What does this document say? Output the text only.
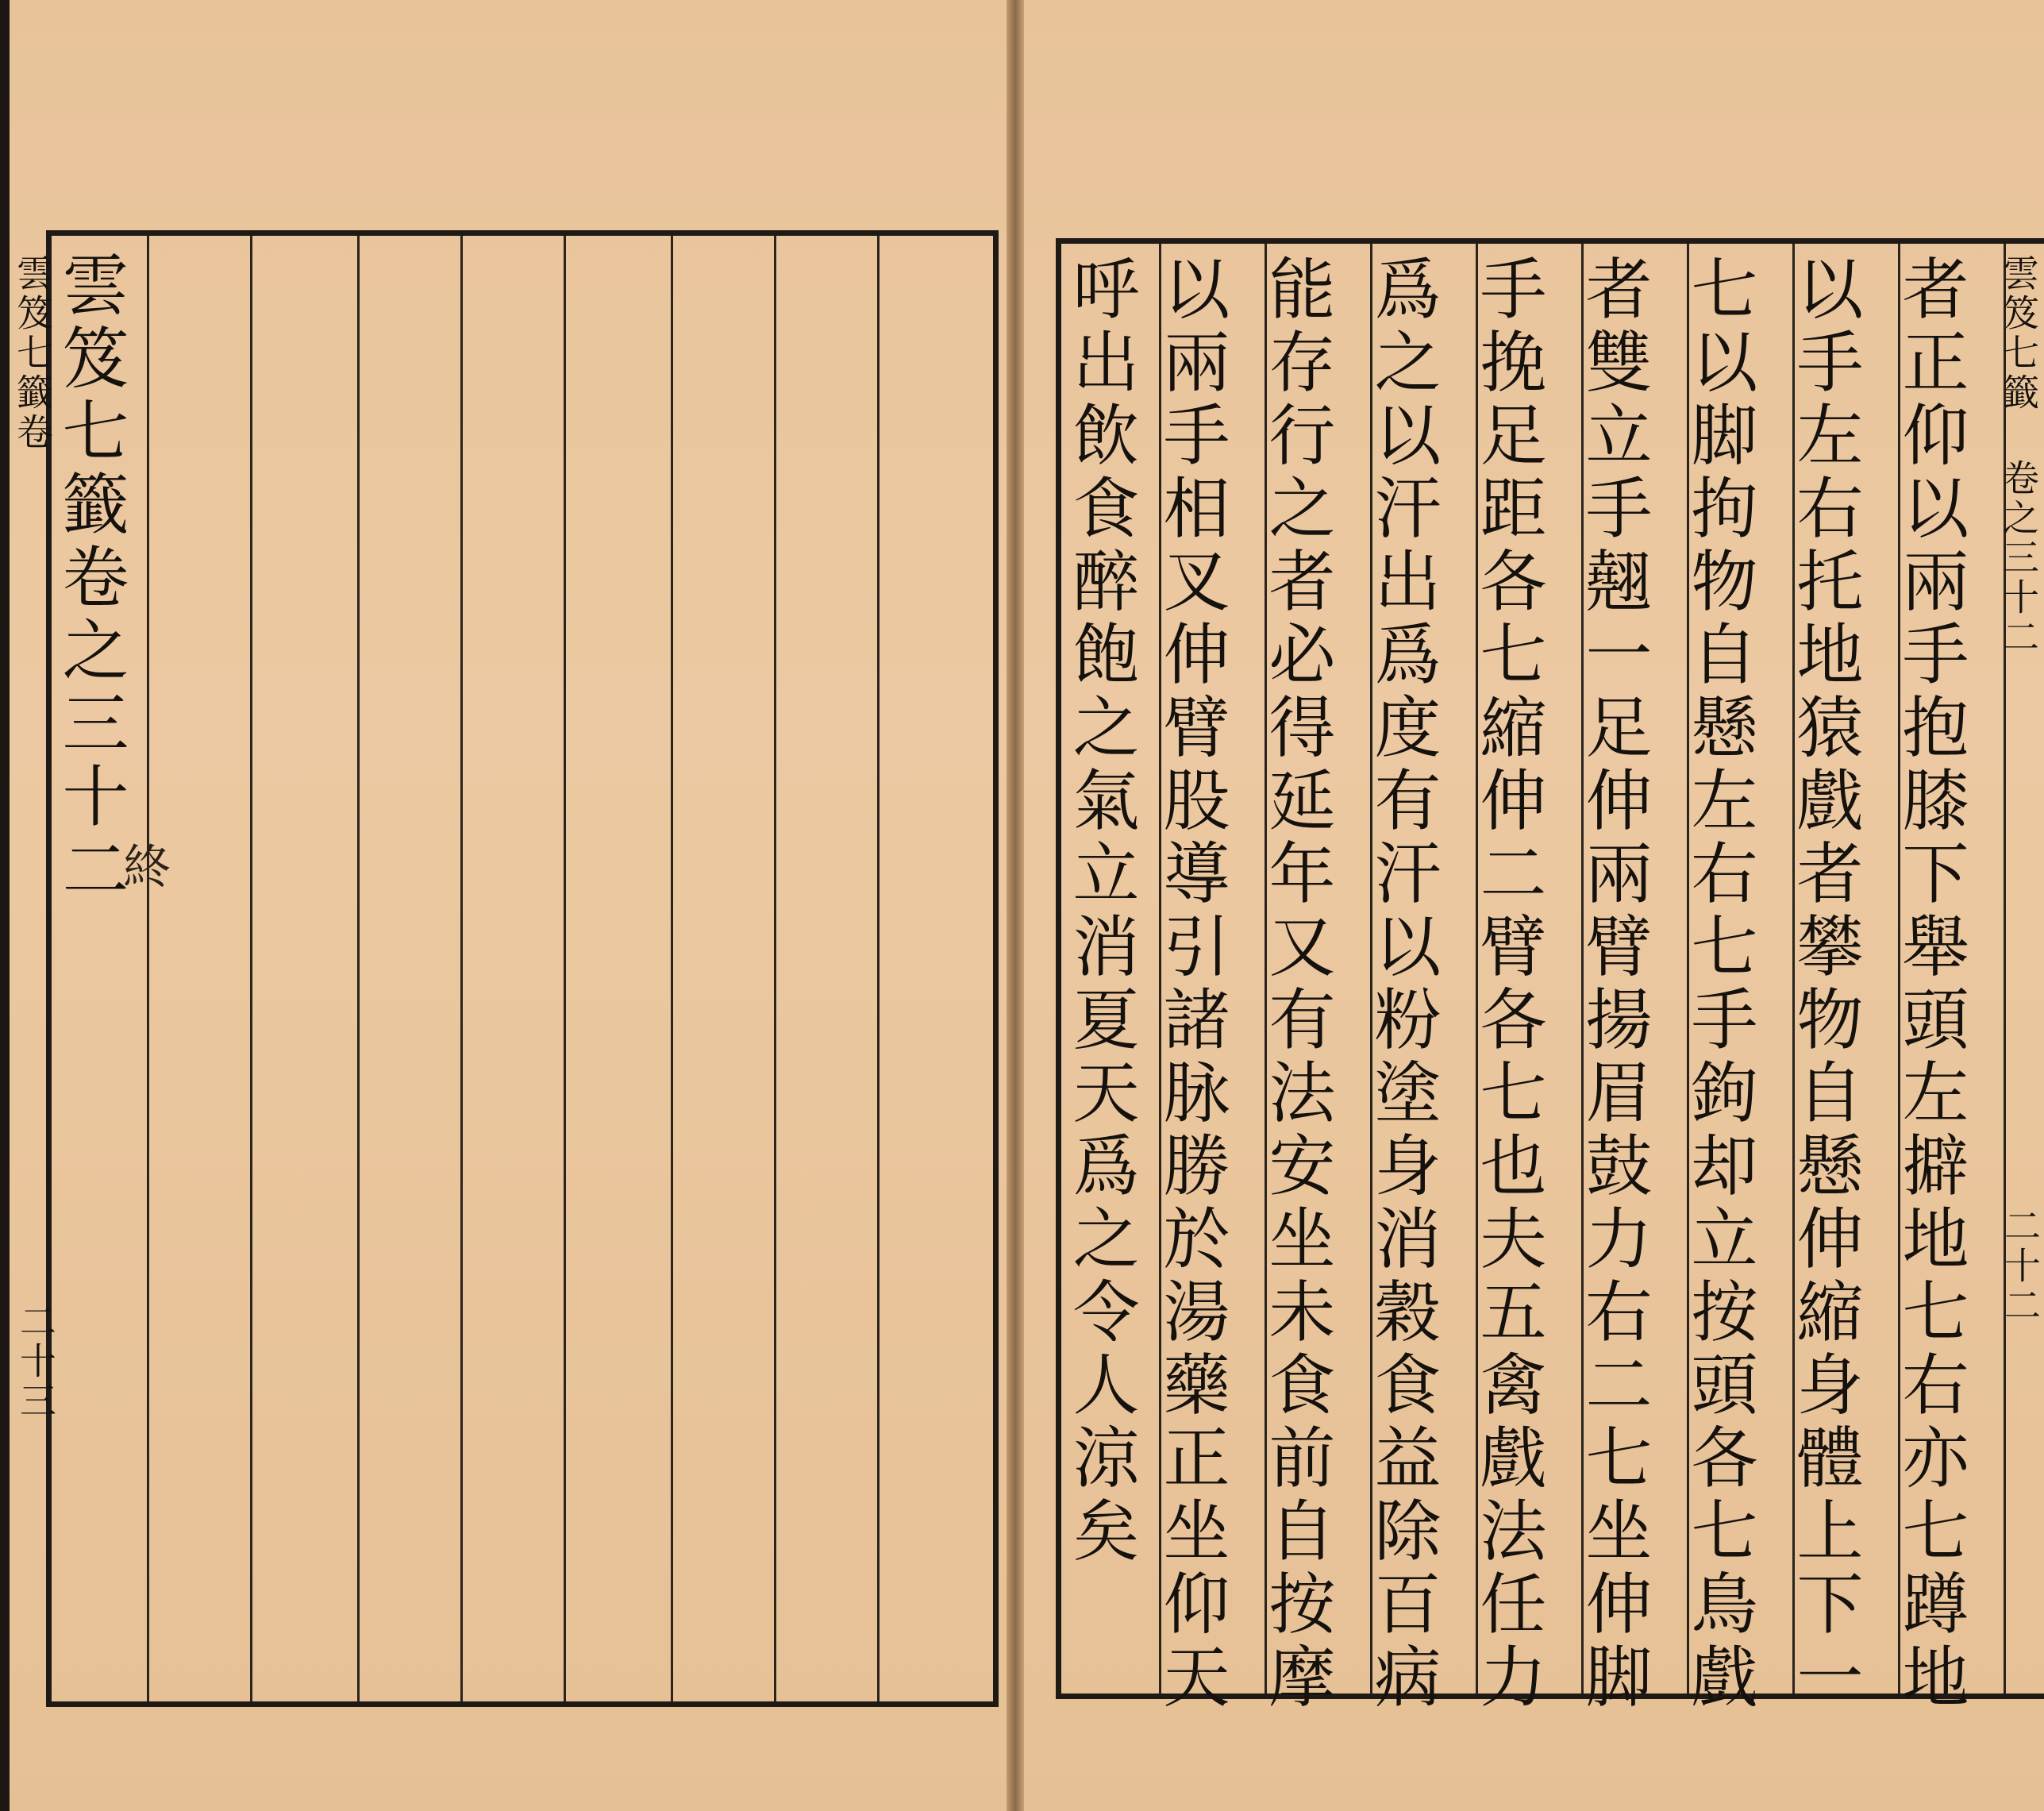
雲笈七籤卷
雲笈七籤卷之三十二
終
二十三	者正仰以兩手抱膝下舉頭左擗地七右亦七蹲地
以手左右托地猿戲者攀物自懸伸縮身體上下一
七以脚拘物自懸左右七手鉤却立按頭各七鳥戲
者雙立手翹一足伸兩臂揚眉鼓力右二七坐伸脚
手挽足距各七縮伸二臂各七也夫五禽戲法任力
爲之以汗出爲度有汗以粉塗身消穀食益除百病
能存行之者必得延年又有法安坐未食前自按摩
以兩手相叉伸臂股導引諸脉勝於湯藥正坐仰天
呼出飲食醉飽之氣立消夏天爲之令人涼矣	雲笈七籤 卷之三十二
二十二
